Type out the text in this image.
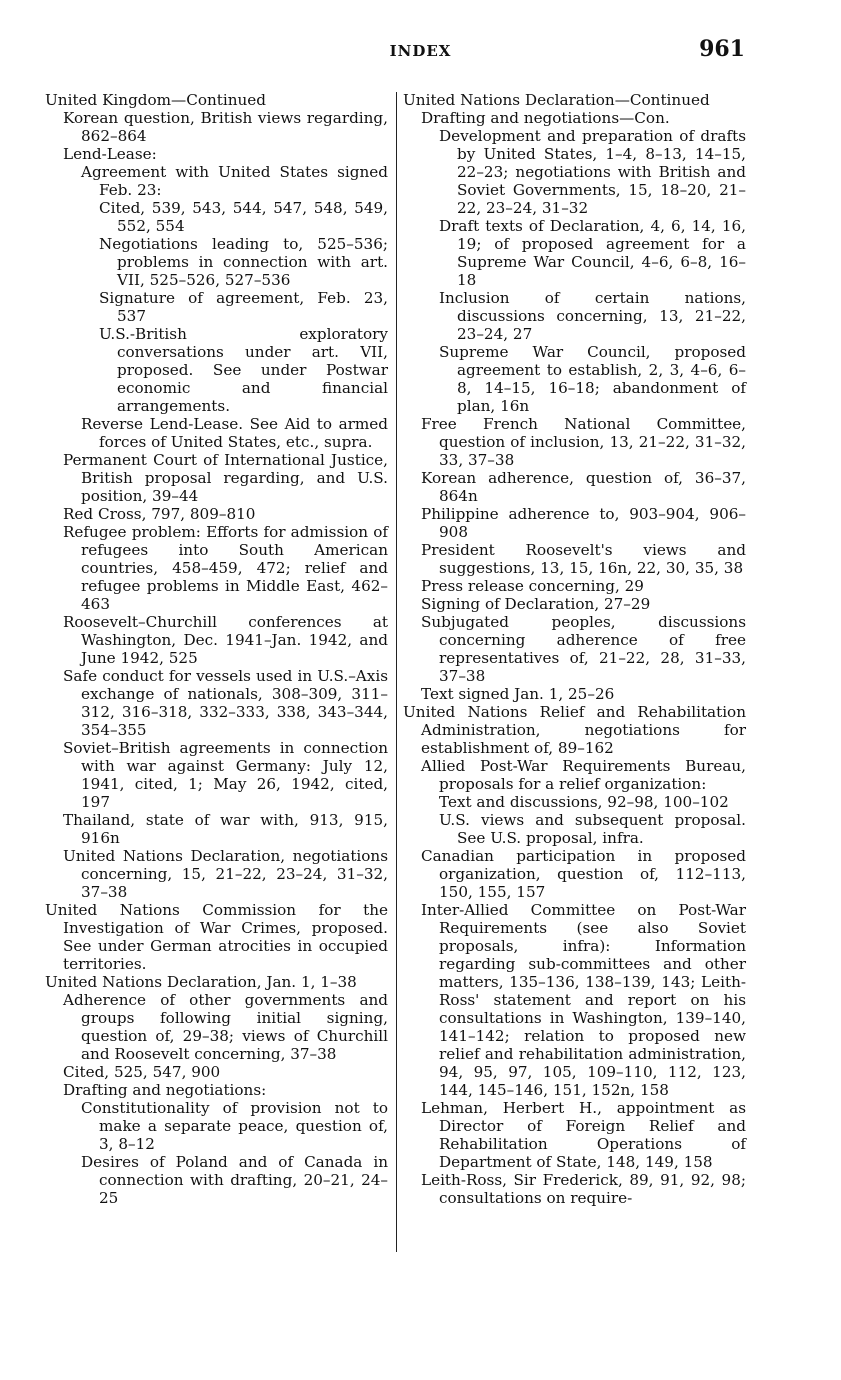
INDEX	961

United Kingdom—Continued

Korean question, British views regarding, 862–864

Lend-Lease:

Agreement with United States signed Feb. 23:

Cited, 539, 543, 544, 547, 548, 549, 552, 554

Negotiations leading to, 525–536; problems in connection with art. VII, 525–526, 527–536

Signature of agreement, Feb. 23, 537

U.S.-British exploratory conversations under art. VII, proposed. See under Postwar economic and financial arrangements.

Reverse Lend-Lease. See Aid to armed forces of United States, etc., supra.

Permanent Court of International Justice, British proposal regarding, and U.S. position, 39–44

Red Cross, 797, 809–810

Refugee problem: Efforts for admission of refugees into South American countries, 458–459, 472; relief and refugee problems in Middle East, 462–463

Roosevelt–Churchill conferences at Washington, Dec. 1941–Jan. 1942, and June 1942, 525

Safe conduct for vessels used in U.S.–Axis exchange of nationals, 308–309, 311–312, 316–318, 332–333, 338, 343–344, 354–355

Soviet–British agreements in connection with war against Germany: July 12, 1941, cited, 1; May 26, 1942, cited, 197

Thailand, state of war with, 913, 915, 916n

United Nations Declaration, negotiations concerning, 15, 21–22, 23–24, 31–32, 37–38

United Nations Commission for the Investigation of War Crimes, proposed. See under German atrocities in occupied territories.

United Nations Declaration, Jan. 1, 1–38

Adherence of other governments and groups following initial signing, question of, 29–38; views of Churchill and Roosevelt concerning, 37–38

Cited, 525, 547, 900

Drafting and negotiations:

Constitutionality of provision not to make a separate peace, question of, 3, 8–12

Desires of Poland and of Canada in connection with drafting, 20–21, 24–25

United Nations Declaration—Continued

Drafting and negotiations—Con.

Development and preparation of drafts by United States, 1–4, 8–13, 14–15, 22–23; negotiations with British and Soviet Governments, 15, 18–20, 21–22, 23–24, 31–32

Draft texts of Declaration, 4, 6, 14, 16, 19; of proposed agreement for a Supreme War Council, 4–6, 6–8, 16–18

Inclusion of certain nations, discussions concerning, 13, 21–22, 23–24, 27

Supreme War Council, proposed agreement to establish, 2, 3, 4–6, 6–8, 14–15, 16–18; abandonment of plan, 16n

Free French National Committee, question of inclusion, 13, 21–22, 31–32, 33, 37–38

Korean adherence, question of, 36–37, 864n

Philippine adherence to, 903–904, 906–908

President Roosevelt's views and suggestions, 13, 15, 16n, 22, 30, 35, 38

Press release concerning, 29

Signing of Declaration, 27–29

Subjugated peoples, discussions concerning adherence of free representatives of, 21–22, 28, 31–33, 37–38

Text signed Jan. 1, 25–26

United Nations Relief and Rehabilitation Administration, negotiations for establishment of, 89–162

Allied Post-War Requirements Bureau, proposals for a relief organization:

Text and discussions, 92–98, 100–102

U.S. views and subsequent proposal. See U.S. proposal, infra.

Canadian participation in proposed organization, question of, 112–113, 150, 155, 157

Inter-Allied Committee on Post-War Requirements (see also Soviet proposals, infra): Information regarding sub-committees and other matters, 135–136, 138–139, 143; Leith-Ross' statement and report on his consultations in Washington, 139–140, 141–142; relation to proposed new relief and rehabilitation administration, 94, 95, 97, 105, 109–110, 112, 123, 144, 145–146, 151, 152n, 158

Lehman, Herbert H., appointment as Director of Foreign Relief and Rehabilitation Operations of Department of State, 148, 149, 158

Leith-Ross, Sir Frederick, 89, 91, 92, 98; consultations on require-
